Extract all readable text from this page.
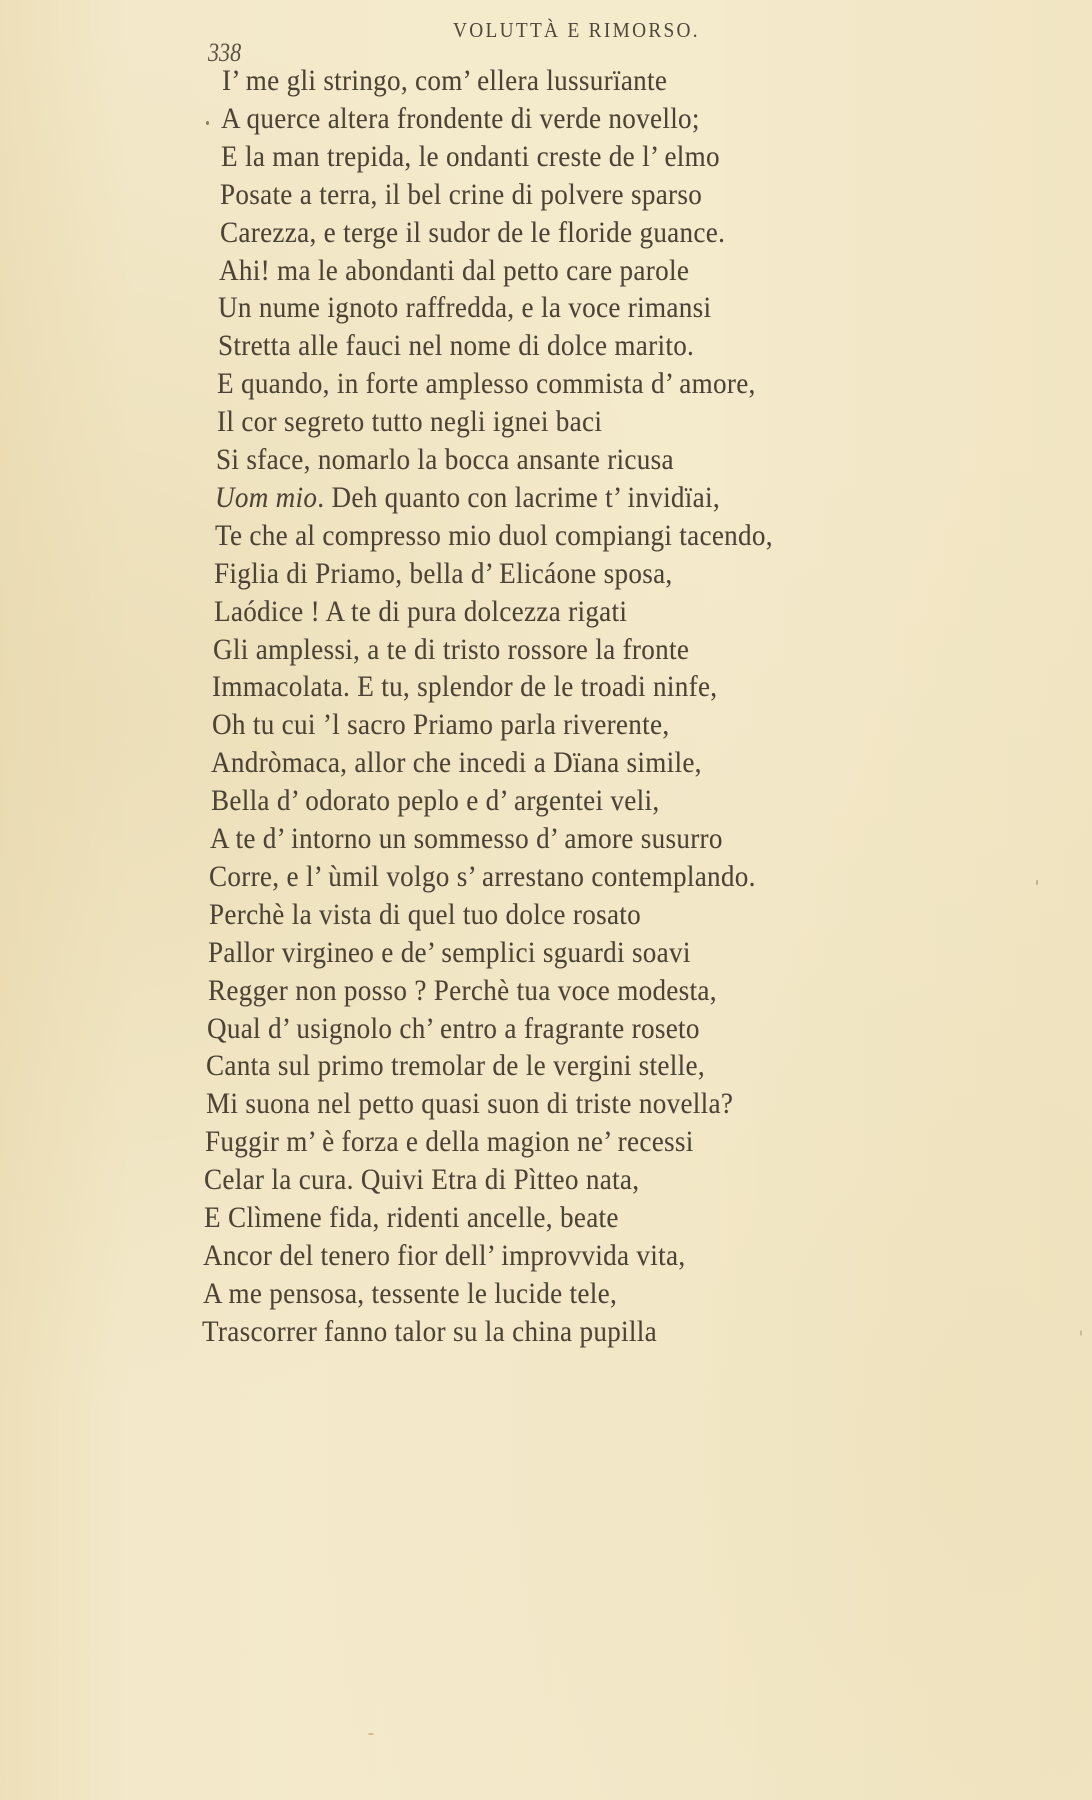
338
VOLUTTÀ E RIMORSO.
I’ me gli stringo, com’ ellera lussurïante
A querce altera frondente di verde novello;
E la man trepida, le ondanti creste de l’ elmo
Posate a terra, il bel crine di polvere sparso
Carezza, e terge il sudor de le floride guance.
Ahi! ma le abondanti dal petto care parole
Un nume ignoto raffredda, e la voce rimansi
Stretta alle fauci nel nome di dolce marito.
E quando, in forte amplesso commista d’ amore,
Il cor segreto tutto negli ignei baci
Si sface, nomarlo la bocca ansante ricusa
Uom mio. Deh quanto con lacrime t’ invidïai,
Te che al compresso mio duol compiangi tacendo,
Figlia di Priamo, bella d’ Elicáone sposa,
Laódice ! A te di pura dolcezza rigati
Gli amplessi, a te di tristo rossore la fronte
Immacolata. E tu, splendor de le troadi ninfe,
Oh tu cui ’l sacro Priamo parla riverente,
Andròmaca, allor che incedi a Dïana simile,
Bella d’ odorato peplo e d’ argentei veli,
A te d’ intorno un sommesso d’ amore susurro
Corre, e l’ ùmil volgo s’ arrestano contemplando.
Perchè la vista di quel tuo dolce rosato
Pallor virgineo e de’ semplici sguardi soavi
Regger non posso ? Perchè tua voce modesta,
Qual d’ usignolo ch’ entro a fragrante roseto
Canta sul primo tremolar de le vergini stelle,
Mi suona nel petto quasi suon di triste novella?
Fuggir m’ è forza e della magion ne’ recessi
Celar la cura. Quivi Etra di Pìtteo nata,
E Clìmene fida, ridenti ancelle, beate
Ancor del tenero fior dell’ improvvida vita,
A me pensosa, tessente le lucide tele,
Trascorrer fanno talor su la china pupilla
